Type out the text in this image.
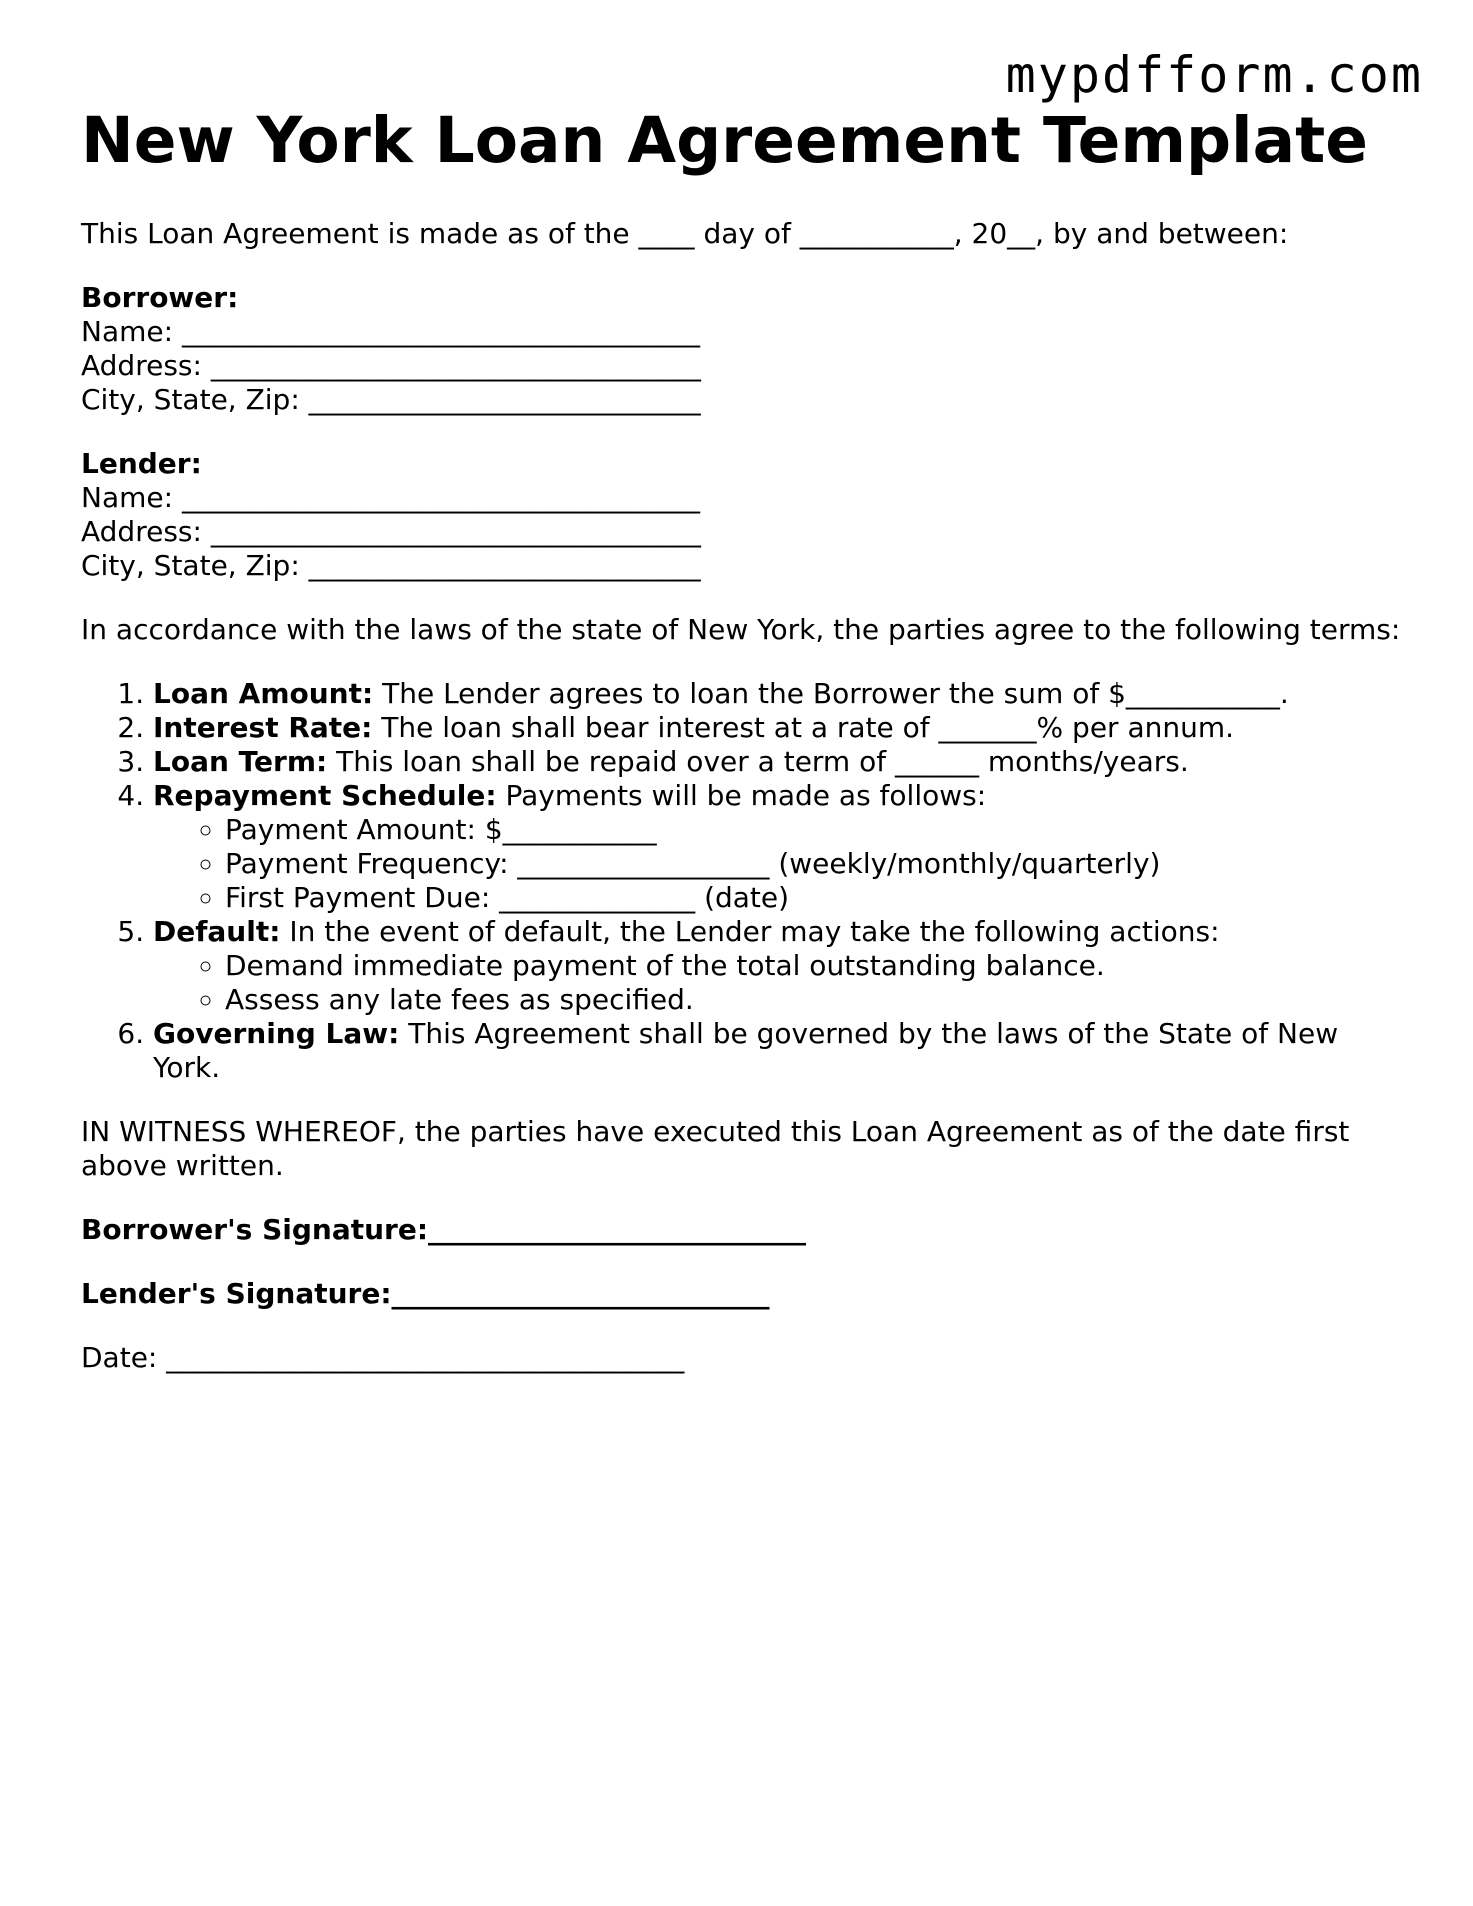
mypdfform.com
New York Loan Agreement Template

This Loan Agreement is made as of the ____ day of ___________, 20__, by and between:

Borrower:
Name: _____________________________________
Address: ___________________________________
City, State, Zip: ____________________________
Lender:
Name: _____________________________________
Address: ___________________________________
City, State, Zip: ____________________________

In accordance with the laws of the state of New York, the parties agree to the following terms:

1. Loan Amount: The Lender agrees to loan the Borrower the sum of $___________.
2. Interest Rate: The loan shall bear interest at a rate of _______% per annum.
3. Loan Term: This loan shall be repaid over a term of ______ months/years.
4. Repayment Schedule: Payments will be made as follows:
◦ Payment Amount: $___________
◦ Payment Frequency: __________________ (weekly/monthly/quarterly)
◦ First Payment Due: ______________ (date)
5. Default: In the event of default, the Lender may take the following actions:
◦ Demand immediate payment of the total outstanding balance.
◦ Assess any late fees as specified.
6. Governing Law: This Agreement shall be governed by the laws of the State of New York.

IN WITNESS WHEREOF, the parties have executed this Loan Agreement as of the date first above written.

Borrower's Signature:___________________________

Lender's Signature:___________________________

Date: _____________________________________
